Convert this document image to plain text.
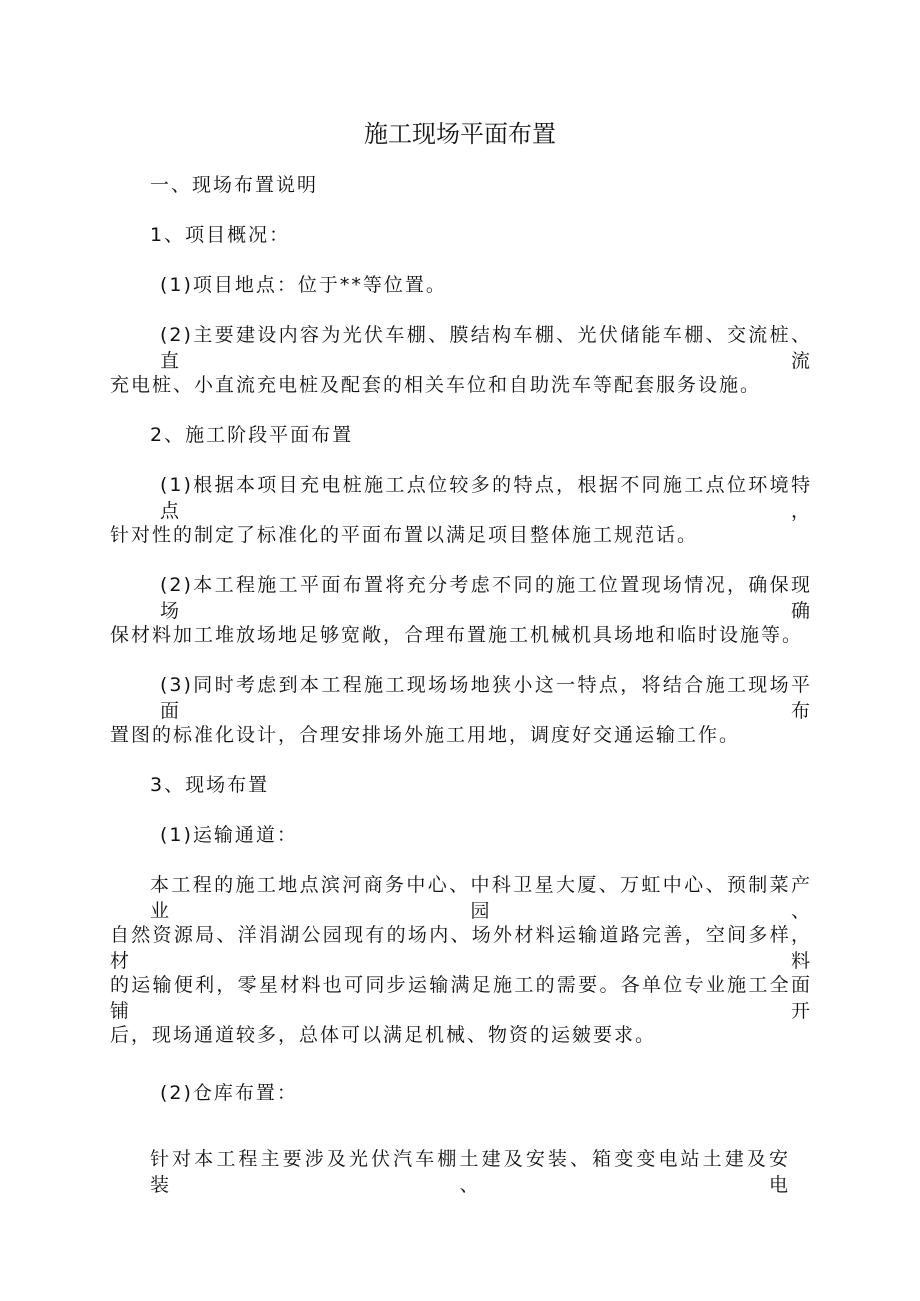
施工现场平面布置
一、现场布置说明
1、项目概况：
(1)项目地点：位于**等位置。
(2)主要建设内容为光伏车棚、膜结构车棚、光伏储能车棚、交流桩、直流
充电桩、小直流充电桩及配套的相关车位和自助洗车等配套服务设施。
2、施工阶段平面布置
(1)根据本项目充电桩施工点位较多的特点，根据不同施工点位环境特点，
针对性的制定了标准化的平面布置以满足项目整体施工规范话。
(2)本工程施工平面布置将充分考虑不同的施工位置现场情况，确保现场确
保材料加工堆放场地足够宽敞，合理布置施工机械机具场地和临时设施等。
(3)同时考虑到本工程施工现场场地狭小这一特点，将结合施工现场平面布
置图的标准化设计，合理安排场外施工用地，调度好交通运输工作。
3、现场布置
(1)运输通道：
本工程的施工地点滨河商务中心、中科卫星大厦、万虹中心、预制菜产业园、
自然资源局、洋涓湖公园现有的场内、场外材料运输道路完善，空间多样，材料
的运输便利，零星材料也可同步运输满足施工的需要。各单位专业施工全面铺开
后，现场通道较多，总体可以满足机械、物资的运皴要求。
(2)仓库布置：
针对本工程主要涉及光伏汽车棚土建及安装、箱变变电站土建及安装、电
